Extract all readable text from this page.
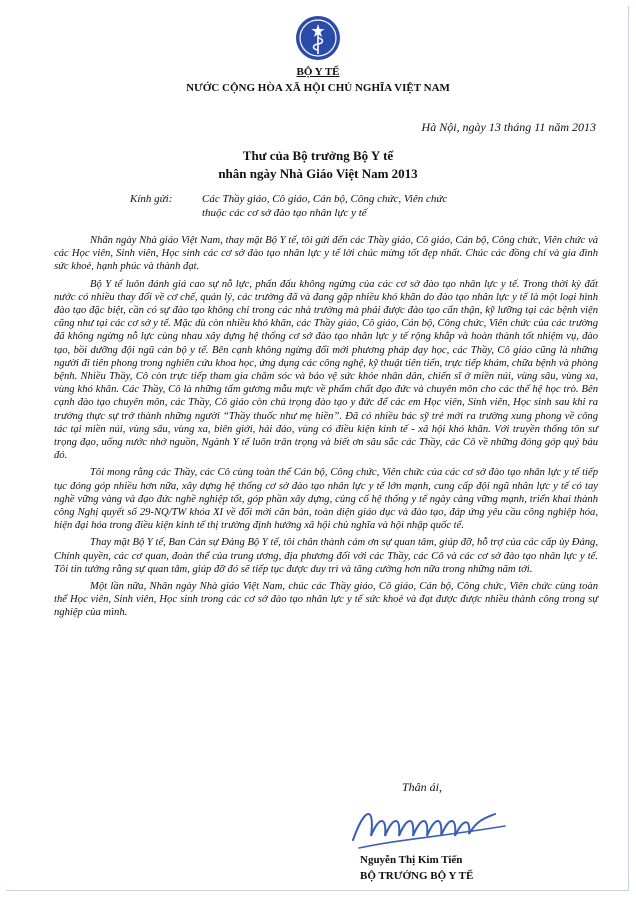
BỘ Y TẾ
NƯỚC CỘNG HÒA XÃ HỘI CHỦ NGHĨA VIỆT NAM
Hà Nội, ngày 13 tháng 11 năm 2013
Thư của Bộ trưởng Bộ Y tế
nhân ngày Nhà Giáo Việt Nam 2013
Kính gửi:	Các Thầy giáo, Cô giáo, Cán bộ, Công chức, Viên chức
thuộc các cơ sở đào tạo nhân lực y tế

Nhân ngày Nhà giáo Việt Nam, thay mặt Bộ Y tế, tôi gửi đến các Thầy giáo, Cô giáo, Cán bộ, Công chức, Viên chức và các Học viên, Sinh viên, Học sinh các cơ sở đào tạo nhân lực y tế lời chúc mừng tốt đẹp nhất. Chúc các đồng chí và gia đình sức khoẻ, hạnh phúc và thành đạt.

Bộ Y tế luôn đánh giá cao sự nỗ lực, phấn đấu không ngừng của các cơ sở đào tạo nhân lực y tế. Trong thời kỳ đất nước có nhiều thay đổi về cơ chế, quản lý, các trường đã và đang gặp nhiều khó khăn do đào tạo nhân lực y tế là một loại hình đào tạo đặc biệt, cần có sự đào tạo không chỉ trong các nhà trường mà phải được đào tạo cẩn thận, kỹ lưỡng tại các bệnh viện cũng như tại các cơ sở y tế. Mặc dù còn nhiều khó khăn, các Thầy giáo, Cô giáo, Cán bộ, Công chức, Viên chức của các trường đã không ngừng nỗ lực cùng nhau xây dựng hệ thống cơ sở đào tạo nhân lực y tế rộng khắp và hoàn thành tốt nhiệm vụ, đào tạo, bồi dưỡng đội ngũ cán bộ y tế. Bên cạnh không ngừng đổi mới phương pháp dạy học, các Thầy, Cô giáo cũng là những người đi tiên phong trong nghiên cứu khoa học, ứng dụng các công nghệ, kỹ thuật tiên tiến, trực tiếp khám, chữa bệnh và phòng bệnh. Nhiều Thầy, Cô còn trực tiếp tham gia chăm sóc và bảo vệ sức khỏe nhân dân, chiến sĩ ở miền núi, vùng sâu, vùng xa, vùng khó khăn. Các Thầy, Cô là những tấm gương mẫu mực về phẩm chất đạo đức và chuyên môn cho các thế hệ học trò. Bên cạnh đào tạo chuyên môn, các Thầy, Cô giáo còn chú trọng đào tạo y đức để các em Học viên, Sinh viên, Học sinh sau khi ra trường thực sự trở thành những người “Thầy thuốc như mẹ hiền”. Đã có nhiều bác sỹ trẻ mới ra trường xung phong về công tác tại miền núi, vùng sâu, vùng xa, biên giới, hải đảo, vùng có điều kiện kinh tế - xã hội khó khăn. Với truyền thống tôn sư trọng đạo, uống nước nhớ nguồn, Ngành Y tế luôn trân trọng và biết ơn sâu sắc các Thầy, các Cô về những đóng góp quý báu đó.

Tôi mong rằng các Thầy, các Cô cùng toàn thể Cán bộ, Công chức, Viên chức của các cơ sở đào tạo nhân lực y tế tiếp tục đóng góp nhiều hơn nữa, xây dựng hệ thống cơ sở đào tạo nhân lực y tế lớn mạnh, cung cấp đội ngũ nhân lực y tế có tay nghề vững vàng và đạo đức nghề nghiệp tốt, góp phần xây dựng, củng cố hệ thống y tế ngày càng vững mạnh, triển khai thành công Nghị quyết số 29-NQ/TW khóa XI về đổi mới căn bản, toàn diện giáo dục và đào tạo, đáp ứng yêu cầu công nghiệp hóa, hiện đại hóa trong điều kiện kinh tế thị trường định hướng xã hội chủ nghĩa và hội nhập quốc tế.

Thay mặt Bộ Y tế, Ban Cán sự Đảng Bộ Y tế, tôi chân thành cảm ơn sự quan tâm, giúp đỡ, hỗ trợ của các cấp ủy Đảng, Chính quyền, các cơ quan, đoàn thể của trung ương, địa phương đối với các Thầy, các Cô và các cơ sở đào tạo nhân lực y tế. Tôi tin tưởng rằng sự quan tâm, giúp đỡ đó sẽ tiếp tục được duy trì và tăng cường hơn nữa trong những năm tới.

Một lần nữa, Nhân ngày Nhà giáo Việt Nam, chúc các Thầy giáo, Cô giáo, Cán bộ, Công chức, Viên chức cùng toàn thể Học viên, Sinh viên, Học sinh trong các cơ sở đào tạo nhân lực y tế sức khoẻ và đạt được được nhiều thành công trong sự nghiệp của mình.

Thân ái,
Nguyễn Thị Kim Tiến
BỘ TRƯỞNG BỘ Y TẾ
